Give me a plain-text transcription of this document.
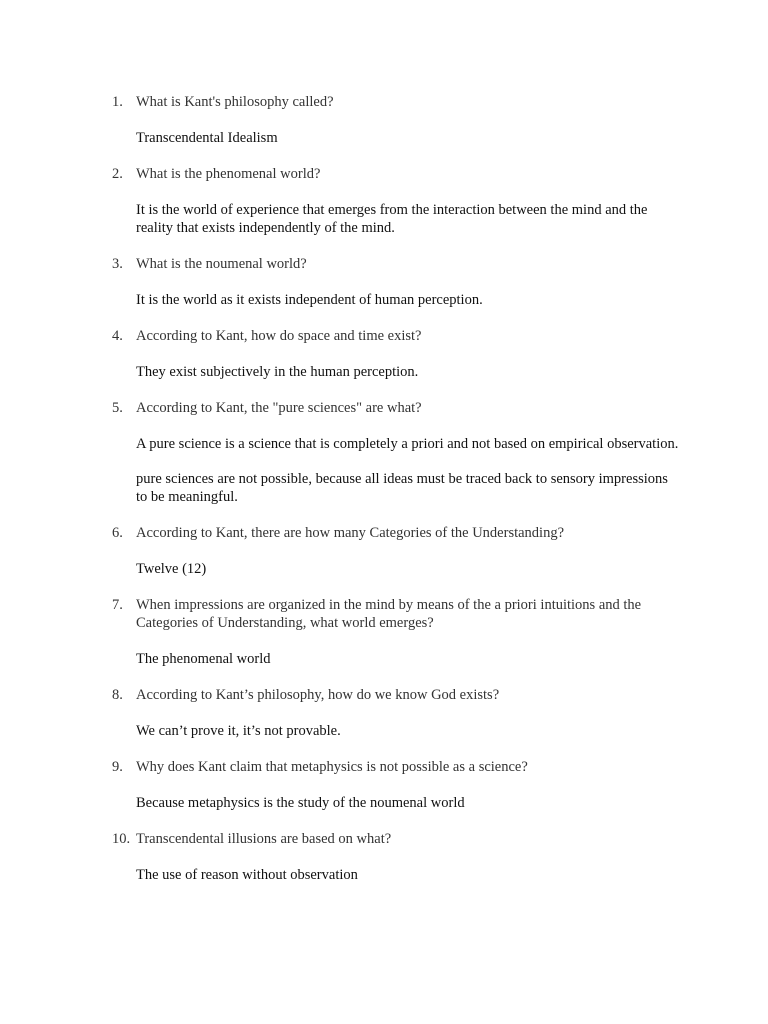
1. What is Kant's philosophy called?

Transcendental Idealism

2. What is the phenomenal world?

It is the world of experience that emerges from the interaction between the mind and the reality that exists independently of the mind.

3. What is the noumenal world?

It is the world as it exists independent of human perception.

4. According to Kant, how do space and time exist?

They exist subjectively in the human perception.

5. According to Kant, the "pure sciences" are what?

A pure science is a science that is completely a priori and not based on empirical observation.

pure sciences are not possible, because all ideas must be traced back to sensory impressions to be meaningful.

6. According to Kant, there are how many Categories of the Understanding?

Twelve (12)

7. When impressions are organized in the mind by means of the a priori intuitions and the Categories of Understanding, what world emerges?

The phenomenal world

8. According to Kant’s philosophy, how do we know God exists?

We can’t prove it, it’s not provable.

9. Why does Kant claim that metaphysics is not possible as a science?

Because metaphysics is the study of the noumenal world

10. Transcendental illusions are based on what?

The use of reason without observation
